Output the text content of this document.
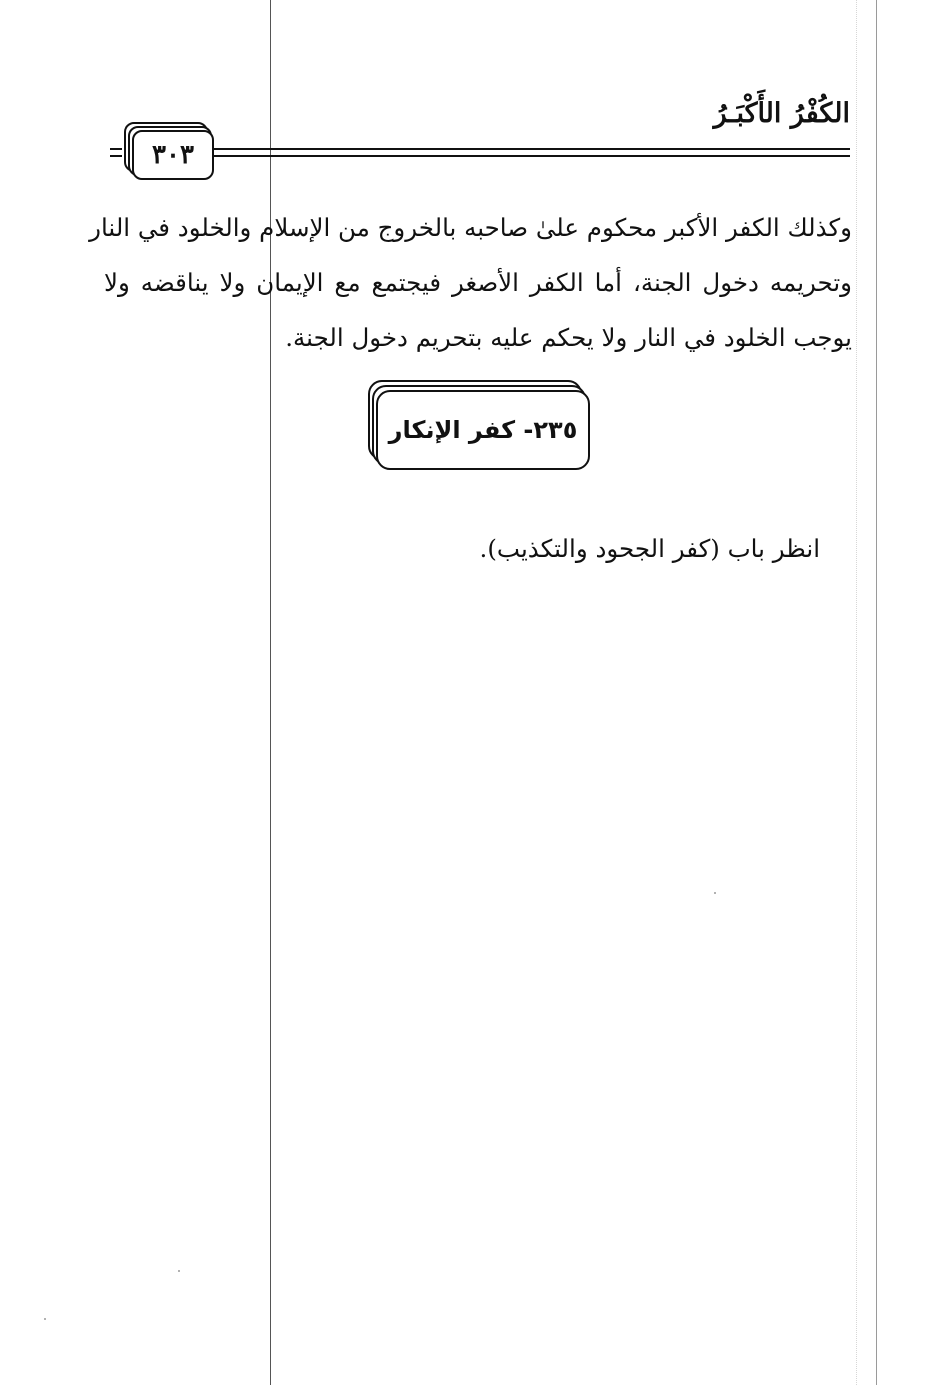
الكُفْرُ الأَكْبَـرُ
٣٠٣
وكذلك الكفر الأكبر محكوم علىٰ صاحبه بالخروج من الإسلام والخلود في النار
وتحريمه دخول الجنة، أما الكفر الأصغر فيجتمع مع الإيمان ولا يناقضه ولا
يوجب الخلود في النار ولا يحكم عليه بتحريم دخول الجنة.
٢٣٥- كفر الإنكار
انظر باب (كفر الجحود والتكذيب).
